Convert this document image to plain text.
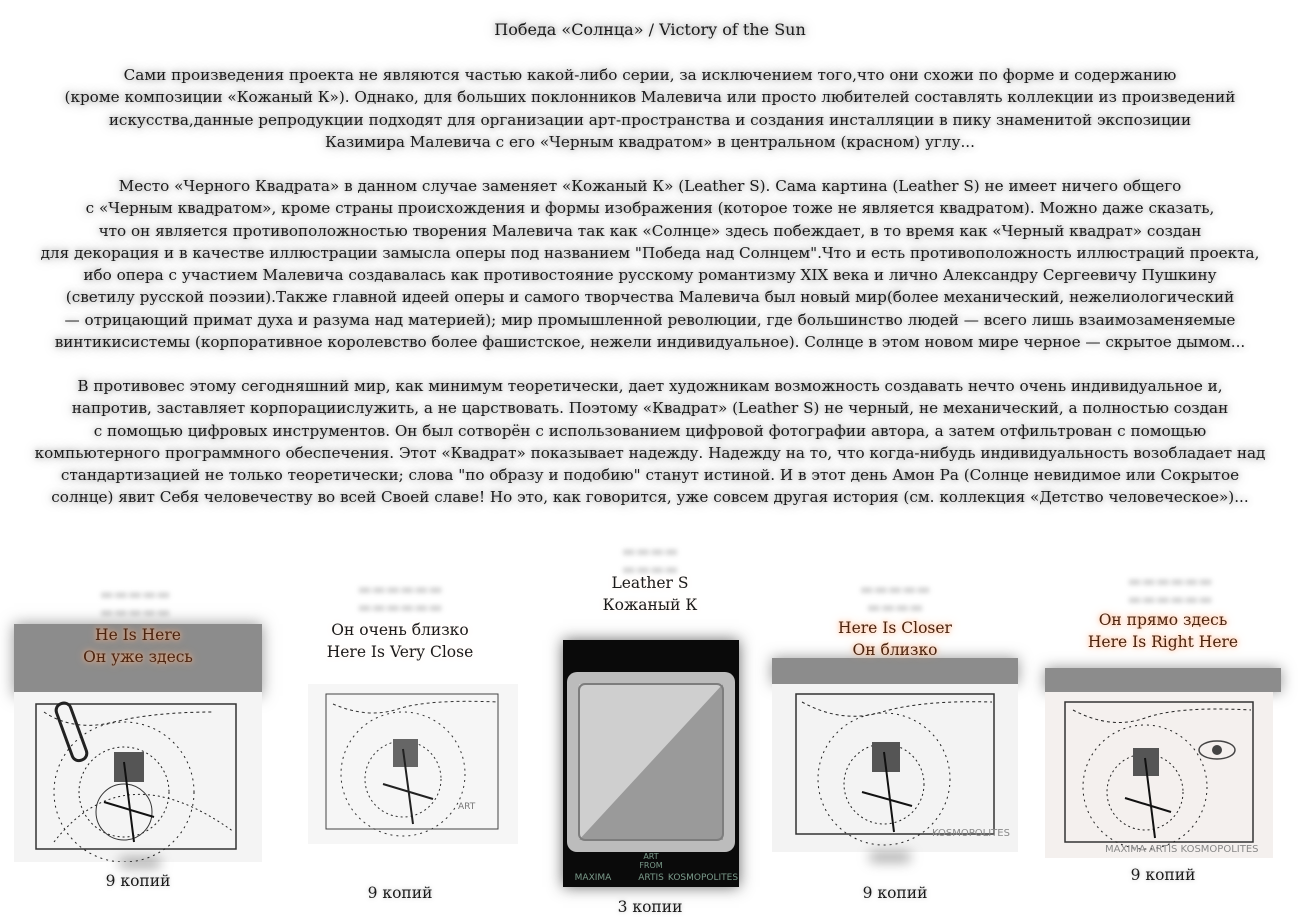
Победа «Солнца» / Victory of the Sun
Сами произведения проекта не являются частью какой-либо серии, за исключением того,что они схожи по форме и содержанию
(кроме композиции «Кожаный К»). Однако, для больших поклонников Малевича или просто любителей составлять коллекции из произведений
искусства,данные репродукции подходят для организации арт-пространства и создания инсталляции в пику знаменитой экспозиции
Казимира Малевича с его «Черным квадратом» в центральном (красном) углу...
Место «Черного Квадрата» в данном случае заменяет «Кожаный К» (Leather S). Сама картина (Leather S) не имеет ничего общего
с «Черным квадратом», кроме страны происхождения и формы изображения (которое тоже не является квадратом). Можно даже сказать,
что он является противоположностью творения Малевича так как «Солнце» здесь побеждает, в то время как «Черный квадрат» создан
для декорация и в качестве иллюстрации замысла оперы под названием "Победа над Солнцем".Что и есть противоположность иллюстраций проекта,
ибо опера с участием Малевича создавалась как противостояние русскому романтизму XIX века и лично Александру Сергеевичу Пушкину
(светилу русской поэзии).Также главной идеей оперы и самого творчества Малевича был новый мир(более механический, нежелиологический
— отрицающий примат духа и разума над материей); мир промышленной революции, где большинство людей — всего лишь взаимозаменяемые
винтикисистемы (корпоративное королевство более фашистское, нежели индивидуальное). Солнце в этом новом мире черное — скрытое дымом...
В противовес этому сегодняшний мир, как минимум теоретически, дает художникам возможность создавать нечто очень индивидуальное и,
напротив, заставляет корпорациислужить, а не царствовать. Поэтому «Квадрат» (Leather S) не черный, не механический, а полностью создан
с помощью цифровых инструментов. Он был сотворён с использованием цифровой фотографии автора, а затем отфильтрован с помощью
компьютерного программного обеспечения. Этот «Квадрат» показывает надежду. Надежду на то, что когда-нибудь индивидуальность возобладает над
стандартизацией не только теоретически; слова "по образу и подобию" станут истиной. И в этот день Амон Ра (Солнце невидимое или Сокрытое
солнце) явит Себя человечеству во всей Своей славе! Но это, как говорится, уже совсем другая история (см. коллекция «Детство человеческое»)...
▬▬▬▬▬
▬▬▬▬▬
He Is Here
Он уже здесь
9 копий
▬▬▬▬▬▬
▬▬▬▬▬▬
Он очень близко
Here Is Very Close
ART
9 копий
▬▬▬▬
▬▬▬▬
Leather S
Кожаный К
ART
FROM
MAXIMA	ARTIS KOSMOPOLITES
3 копии
▬▬▬▬▬
▬▬▬▬
Here Is Closer
Он близко
KOSMOPOLITES
9 копий
▬▬▬▬▬▬
▬▬▬▬▬▬
Он прямо здесь
Here Is Right Here
MAXIMA ARTIS KOSMOPOLITES
9 копий
